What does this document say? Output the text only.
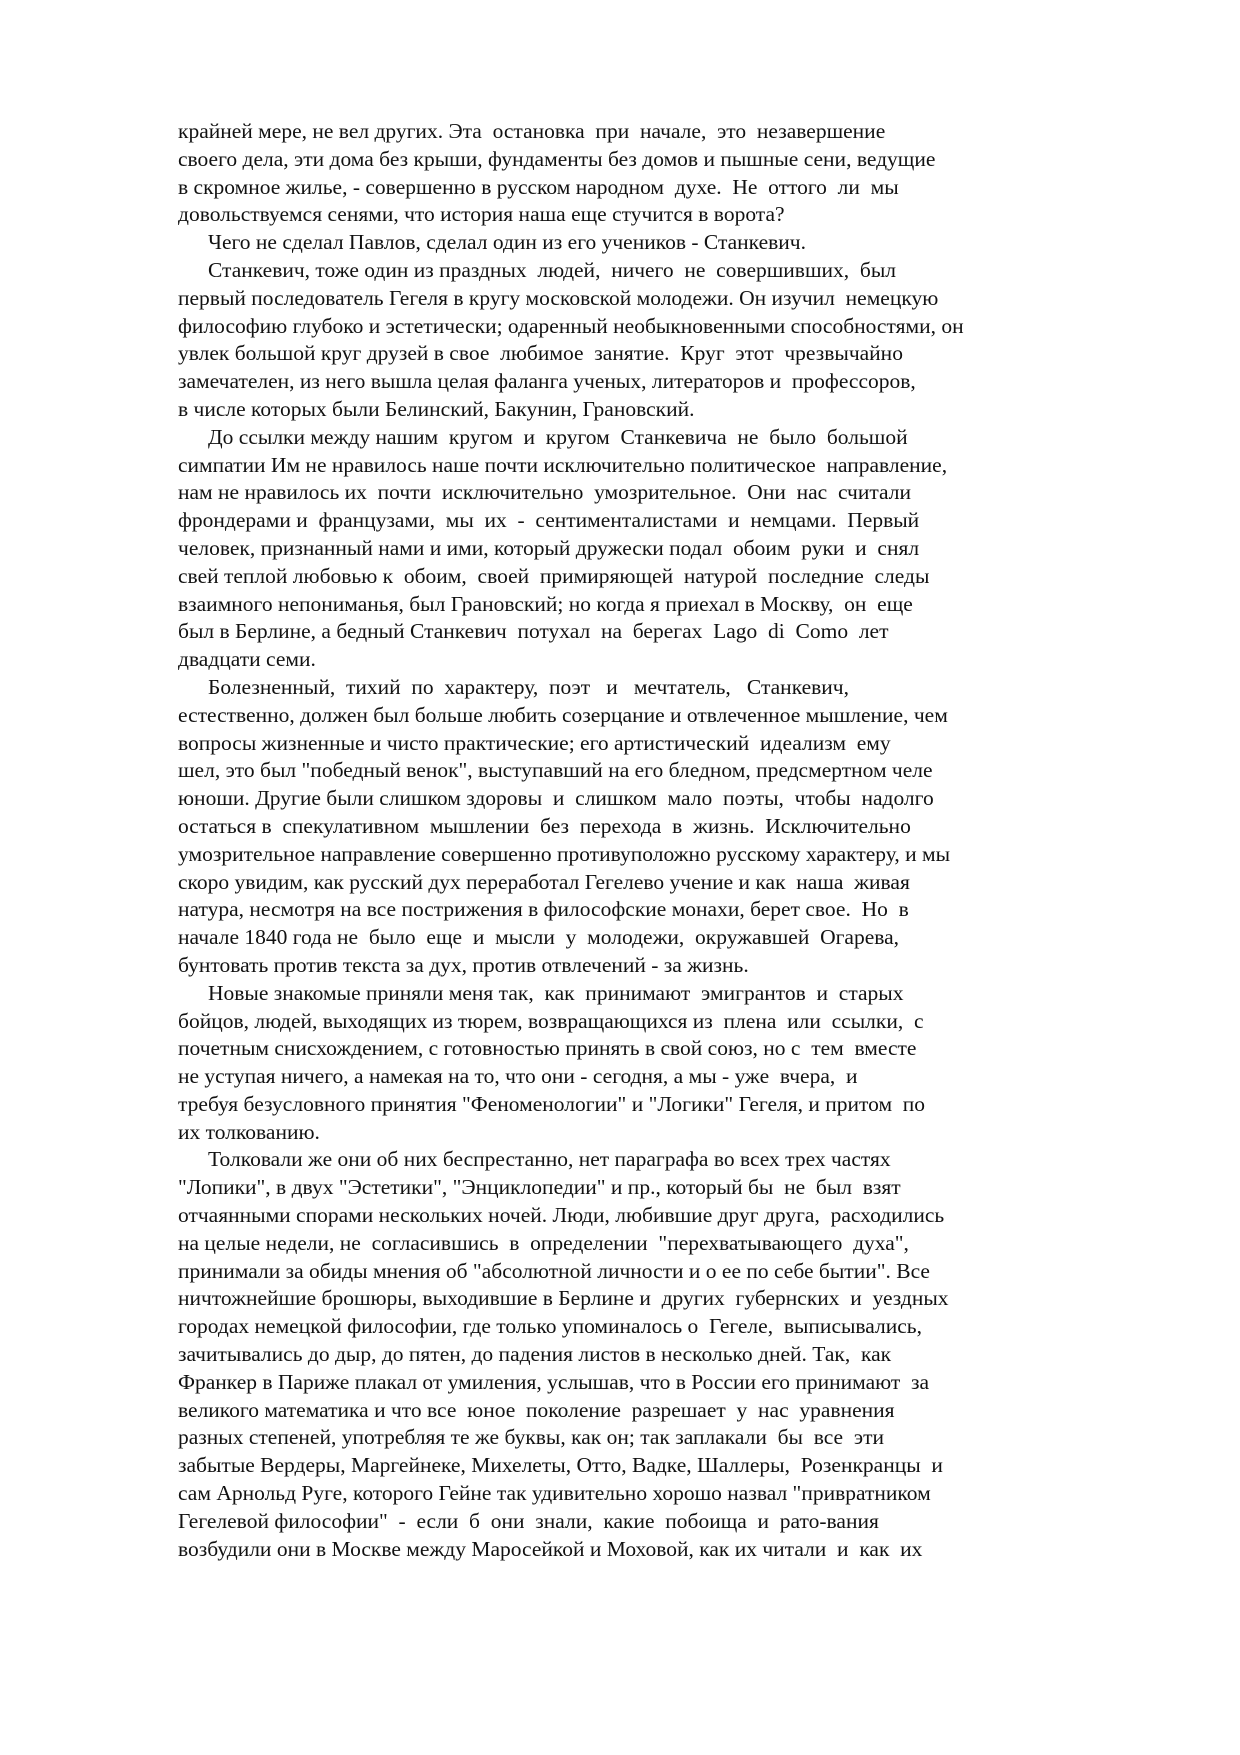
крайней мере, не вел других. Эта  остановка  при  начале,  это  незавершение
своего дела, эти дома без крыши, фундаменты без домов и пышные сени, ведущие
в скромное жилье, - совершенно в русском народном  духе.  Не  оттого  ли  мы
довольствуемся сенями, что история наша еще стучится в ворота?
Чего не сделал Павлов, сделал один из его учеников - Станкевич.
Станкевич, тоже один из праздных  людей,  ничего  не  совершивших,  был
первый последователь Гегеля в кругу московской молодежи. Он изучил  немецкую
философию глубоко и эстетически; одаренный необыкновенными способностями, он
увлек большой круг друзей в свое  любимое  занятие.  Круг  этот  чрезвычайно
замечателен, из него вышла целая фаланга ученых, литераторов и  профессоров,
в числе которых были Белинский, Бакунин, Грановский.
До ссылки между нашим  кругом  и  кругом  Станкевича  не  было  большой
симпатии Им не нравилось наше почти исключительно политическое  направление,
нам не нравилось их  почти  исключительно  умозрительное.  Они  нас  считали
фрондерами и  французами,  мы  их  -  сентименталистами  и  немцами.  Первый
человек, признанный нами и ими, который дружески подал  обоим  руки  и  снял
свей теплой любовью к  обоим,  своей  примиряющей  натурой  последние  следы
взаимного непониманья, был Грановский; но когда я приехал в Москву,  он  еще
был в Берлине, а бедный Станкевич  потухал  на  берегах  Lago  di  Como  лет
двадцати семи.
Болезненный,  тихий  по  характеру,  поэт   и   мечтатель,   Станкевич,
естественно, должен был больше любить созерцание и отвлеченное мышление, чем
вопросы жизненные и чисто практические; его артистический  идеализм  ему
шел, это был "победный венок", выступавший на его бледном, предсмертном челе
юноши. Другие были слишком здоровы  и  слишком  мало  поэты,  чтобы  надолго
остаться в  спекулативном  мышлении  без  перехода  в  жизнь.  Исключительно
умозрительное направление совершенно противуположно русскому характеру, и мы
скоро увидим, как русский дух переработал Гегелево учение и как  наша  живая
натура, несмотря на все пострижения в философские монахи, берет свое.  Но  в
начале 1840 года не  было  еще  и  мысли  у  молодежи,  окружавшей  Огарева,
бунтовать против текста за дух, против отвлечений - за жизнь.
Новые знакомые приняли меня так,  как  принимают  эмигрантов  и  старых
бойцов, людей, выходящих из тюрем, возвращающихся из  плена  или  ссылки,  с
почетным снисхождением, с готовностью принять в свой союз, но с  тем  вместе
не уступая ничего, а намекая на то, что они - сегодня, а мы - уже  вчера,  и
требуя безусловного принятия "Феноменологии" и "Логики" Гегеля, и притом  по
их толкованию.
Толковали же они об них беспрестанно, нет параграфа во всех трех частях
"Лопики", в двух "Эстетики", "Энциклопедии" и пр., который бы  не  был  взят
отчаянными спорами нескольких ночей. Люди, любившие друг друга,  расходились
на целые недели, не  согласившись  в  определении  "перехватывающего  духа",
принимали за обиды мнения об "абсолютной личности и о ее по себе бытии". Все
ничтожнейшие брошюры, выходившие в Берлине и  других  губернских  и  уездных
городах немецкой философии, где только упоминалось о  Гегеле,  выписывались,
зачитывались до дыр, до пятен, до падения листов в несколько дней. Так,  как
Франкер в Париже плакал от умиления, услышав, что в России его принимают  за
великого математика и что все  юное  поколение  разрешает  у  нас  уравнения
разных степеней, употребляя те же буквы, как он; так заплакали  бы  все  эти
забытые Вердеры, Маргейнеке, Михелеты, Отто, Вадке, Шаллеры,  Розенкранцы  и
сам Арнольд Руге, которого Гейне так удивительно хорошо назвал "привратником
Гегелевой философии"  -  если  б  они  знали,  какие  побоища  и  рато-вания
возбудили они в Москве между Маросейкой и Моховой, как их читали  и  как  их
